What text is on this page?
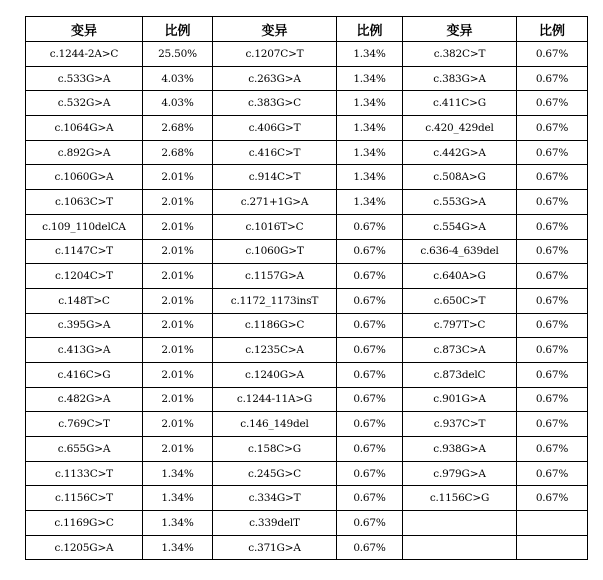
变异	比例	变异	比例	变异	比例
c.1244-2A>C	25.50%	c.1207C>T	1.34%	c.382C>T	0.67%
c.533G>A	4.03%	c.263G>A	1.34%	c.383G>A	0.67%
c.532G>A	4.03%	c.383G>C	1.34%	c.411C>G	0.67%
c.1064G>A	2.68%	c.406G>T	1.34%	c.420_429del	0.67%
c.892G>A	2.68%	c.416C>T	1.34%	c.442G>A	0.67%
c.1060G>A	2.01%	c.914C>T	1.34%	c.508A>G	0.67%
c.1063C>T	2.01%	c.271+1G>A	1.34%	c.553G>A	0.67%
c.109_110delCA	2.01%	c.1016T>C	0.67%	c.554G>A	0.67%
c.1147C>T	2.01%	c.1060G>T	0.67%	c.636-4_639del	0.67%
c.1204C>T	2.01%	c.1157G>A	0.67%	c.640A>G	0.67%
c.148T>C	2.01%	c.1172_1173insT	0.67%	c.650C>T	0.67%
c.395G>A	2.01%	c.1186G>C	0.67%	c.797T>C	0.67%
c.413G>A	2.01%	c.1235C>A	0.67%	c.873C>A	0.67%
c.416C>G	2.01%	c.1240G>A	0.67%	c.873delC	0.67%
c.482G>A	2.01%	c.1244-11A>G	0.67%	c.901G>A	0.67%
c.769C>T	2.01%	c.146_149del	0.67%	c.937C>T	0.67%
c.655G>A	2.01%	c.158C>G	0.67%	c.938G>A	0.67%
c.1133C>T	1.34%	c.245G>C	0.67%	c.979G>A	0.67%
c.1156C>T	1.34%	c.334G>T	0.67%	c.1156C>G	0.67%
c.1169G>C	1.34%	c.339delT	0.67%		
c.1205G>A	1.34%	c.371G>A	0.67%		
